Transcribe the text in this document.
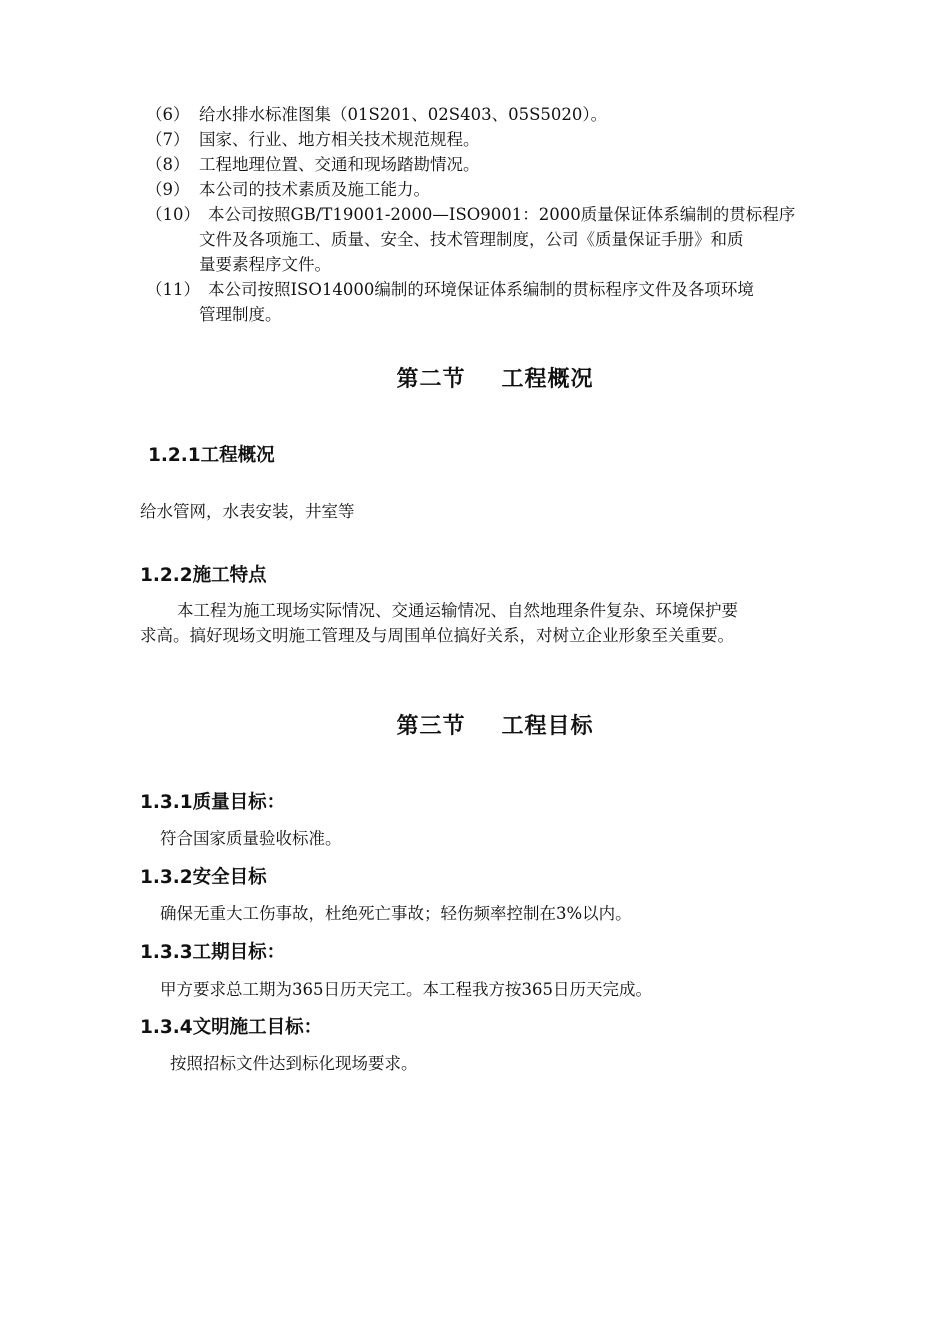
（6） 给水排水标准图集（01S201、02S403、05S5020）。
（7） 国家、行业、地方相关技术规范规程。
（8） 工程地理位置、交通和现场踏勘情况。
（9） 本公司的技术素质及施工能力。
（10） 本公司按照GB/T19001-2000—ISO9001：2000质量保证体系编制的贯标程序
文件及各项施工、质量、安全、技术管理制度，公司《质量保证手册》和质
量要素程序文件。
（11） 本公司按照ISO14000编制的环境保证体系编制的贯标程序文件及各项环境
管理制度。
第二节 工程概况
1.2.1工程概况
给水管网，水表安装，井室等
1.2.2施工特点
本工程为施工现场实际情况、交通运输情况、自然地理条件复杂、环境保护要
求高。搞好现场文明施工管理及与周围单位搞好关系，对树立企业形象至关重要。
第三节 工程目标
1.3.1质量目标：
符合国家质量验收标准。
1.3.2安全目标
确保无重大工伤事故，杜绝死亡事故；轻伤频率控制在3%以内。
1.3.3工期目标：
甲方要求总工期为365日历天完工。本工程我方按365日历天完成。
1.3.4文明施工目标：
按照招标文件达到标化现场要求。
